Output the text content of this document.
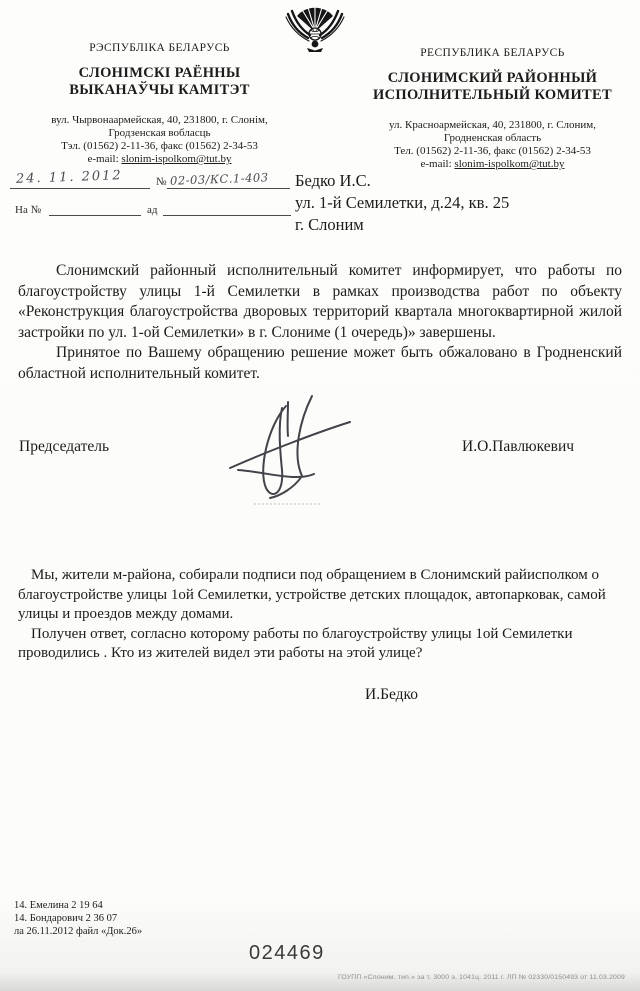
РЭСПУБЛІКА БЕЛАРУСЬ
СЛОНІМСКІ РАЁННЫ
ВЫКАНАЎЧЫ КАМІТЭТ
вул. Чырвонаармейская, 40, 231800, г. Слонім,
Гродзенская вобласць
Тэл. (01562) 2-11-36, факс (01562) 2-34-53
e-mail: slonim-ispolkom@tut.by
РЕСПУБЛИКА БЕЛАРУСЬ
СЛОНИМСКИЙ РАЙОННЫЙ
ИСПОЛНИТЕЛЬНЫЙ КОМИТЕТ
ул. Красноармейская, 40, 231800, г. Слоним,
Гродненская область
Тел. (01562) 2-11-36, факс (01562) 2-34-53
e-mail: slonim-ispolkom@tut.by
24. 11. 2012	№ 02-03/КС.1-403
На №	ад
Бедко И.С.
ул. 1-й Семилетки, д.24, кв. 25
г. Слоним

Слонимский районный исполнительный комитет информирует, что работы по благоустройству улицы 1-й Семилетки в рамках производства работ по объекту «Реконструкция благоустройства дворовых территорий квартала многоквартирной жилой застройки по ул. 1-ой Семилетки» в г. Слониме (1 очередь)» завершены.

Принятое по Вашему обращению решение может быть обжаловано в Гродненский областной исполнительный комитет.

Председатель	И.О.Павлюкевич

Мы, жители м-района, собирали подписи под обращением в Слонимский райисполком о благоустройстве улицы 1ой Семилетки, устройстве детских площадок, автопарковак, самой улицы и проездов между домами.

Получен ответ, согласно которому работы по благоустройству улицы 1ой Семилетки проводились . Кто из жителей видел эти работы на этой улице?

И.Бедко
14. Емелина 2 19 64
14. Бондарович 2 36 07
ла 26.11.2012 файл «Док.26»
024469
ГОУПП «Слоним. тип.» за т. 3000 э. 1041ц. 2011 г. ЛП № 02330/0150493 от 11.03.2009
